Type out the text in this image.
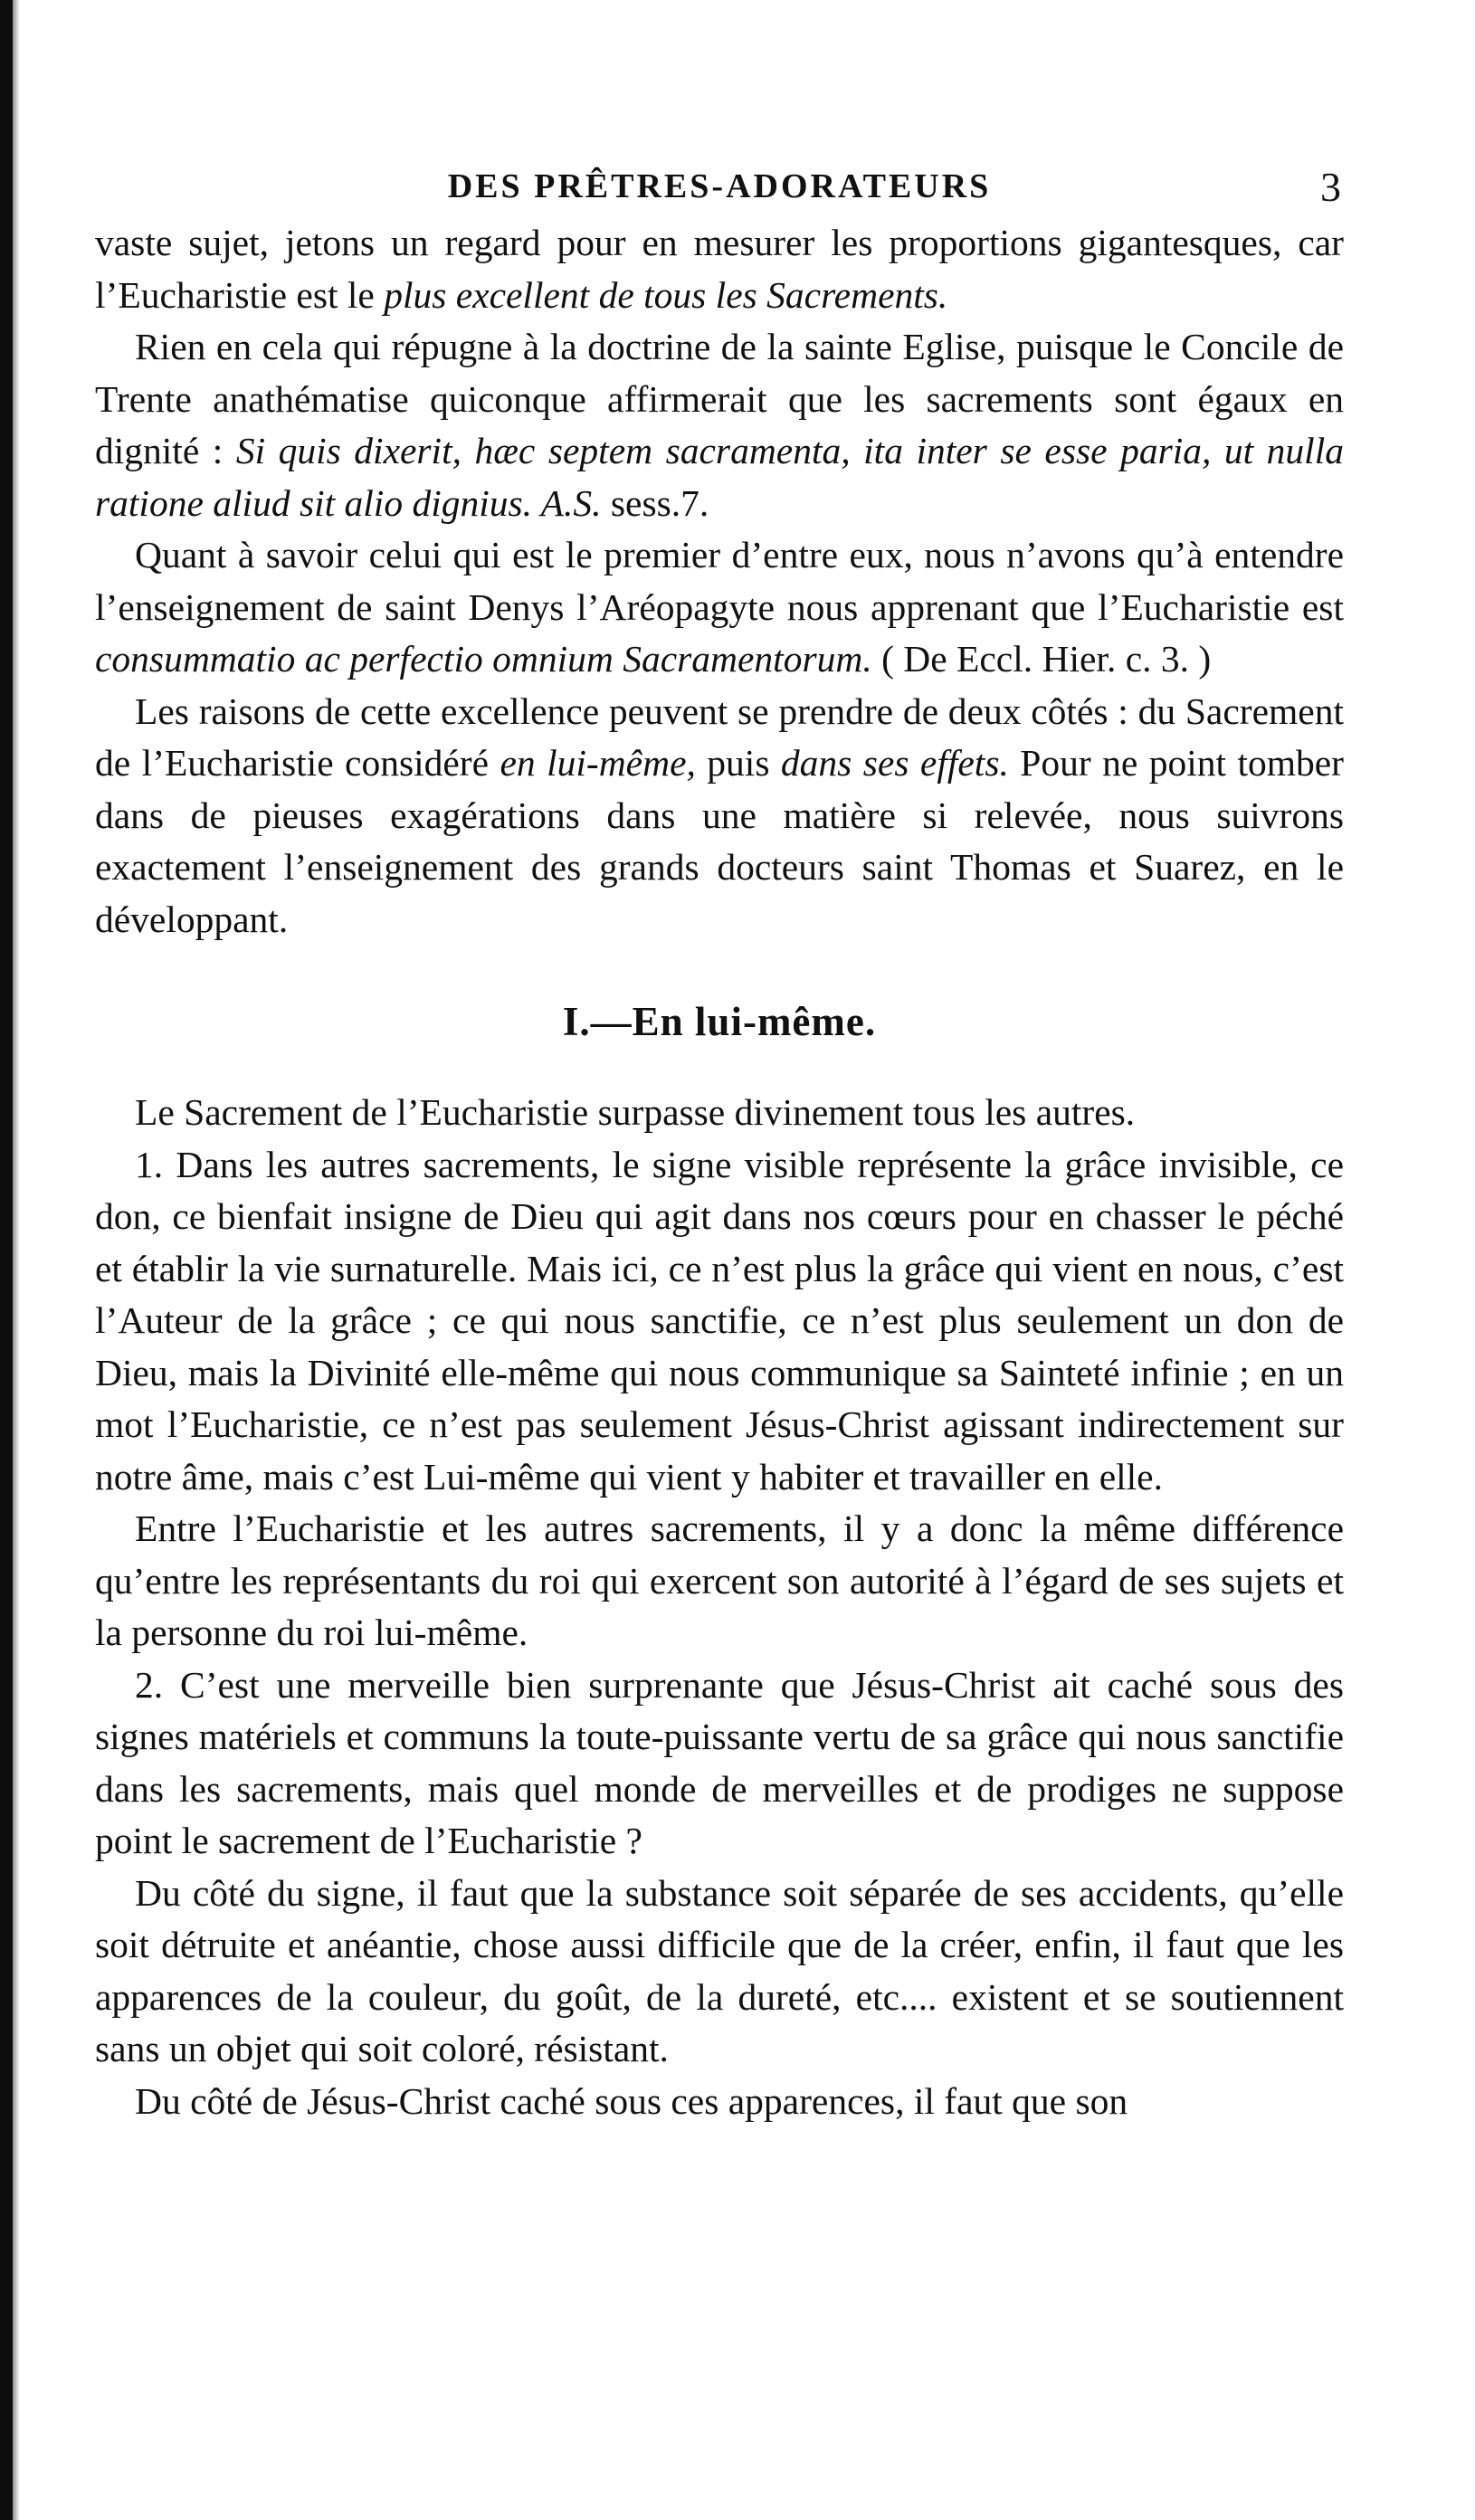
DES PRÊTRES-ADORATEURS	3

vaste sujet, jetons un regard pour en mesurer les proportions gigantesques, car l’Eucharistie est le plus excellent de tous les Sacrements.

Rien en cela qui répugne à la doctrine de la sainte Eglise, puisque le Concile de Trente anathématise quiconque affirmerait que les sacrements sont égaux en dignité : Si quis dixerit, hæc septem sacramenta, ita inter se esse paria, ut nulla ratione aliud sit alio dignius. A.S. sess.7.

Quant à savoir celui qui est le premier d’entre eux, nous n’avons qu’à entendre l’enseignement de saint Denys l’Aréopagyte nous apprenant que l’Eucharistie est consummatio ac perfectio omnium Sacramentorum. ( De Eccl. Hier. c. 3. )

Les raisons de cette excellence peuvent se prendre de deux côtés : du Sacrement de l’Eucharistie considéré en lui-même, puis dans ses effets. Pour ne point tomber dans de pieuses exagérations dans une matière si relevée, nous suivrons exactement l’enseignement des grands docteurs saint Thomas et Suarez, en le développant.

I.—En lui-même.

Le Sacrement de l’Eucharistie surpasse divinement tous les autres.

1. Dans les autres sacrements, le signe visible représente la grâce invisible, ce don, ce bienfait insigne de Dieu qui agit dans nos cœurs pour en chasser le péché et établir la vie surnaturelle. Mais ici, ce n’est plus la grâce qui vient en nous, c’est l’Auteur de la grâce ; ce qui nous sanctifie, ce n’est plus seulement un don de Dieu, mais la Divinité elle-même qui nous communique sa Sainteté infinie ; en un mot l’Eucharistie, ce n’est pas seulement Jésus-Christ agissant indirectement sur notre âme, mais c’est Lui-même qui vient y habiter et travailler en elle.

Entre l’Eucharistie et les autres sacrements, il y a donc la même différence qu’entre les représentants du roi qui exercent son autorité à l’égard de ses sujets et la personne du roi lui-même.

2. C’est une merveille bien surprenante que Jésus-Christ ait caché sous des signes matériels et communs la toute-puissante vertu de sa grâce qui nous sanctifie dans les sacrements, mais quel monde de merveilles et de prodiges ne suppose point le sacrement de l’Eucharistie ?

Du côté du signe, il faut que la substance soit séparée de ses accidents, qu’elle soit détruite et anéantie, chose aussi difficile que de la créer, enfin, il faut que les apparences de la couleur, du goût, de la dureté, etc.... existent et se soutiennent sans un objet qui soit coloré, résistant.

Du côté de Jésus-Christ caché sous ces apparences, il faut que son
